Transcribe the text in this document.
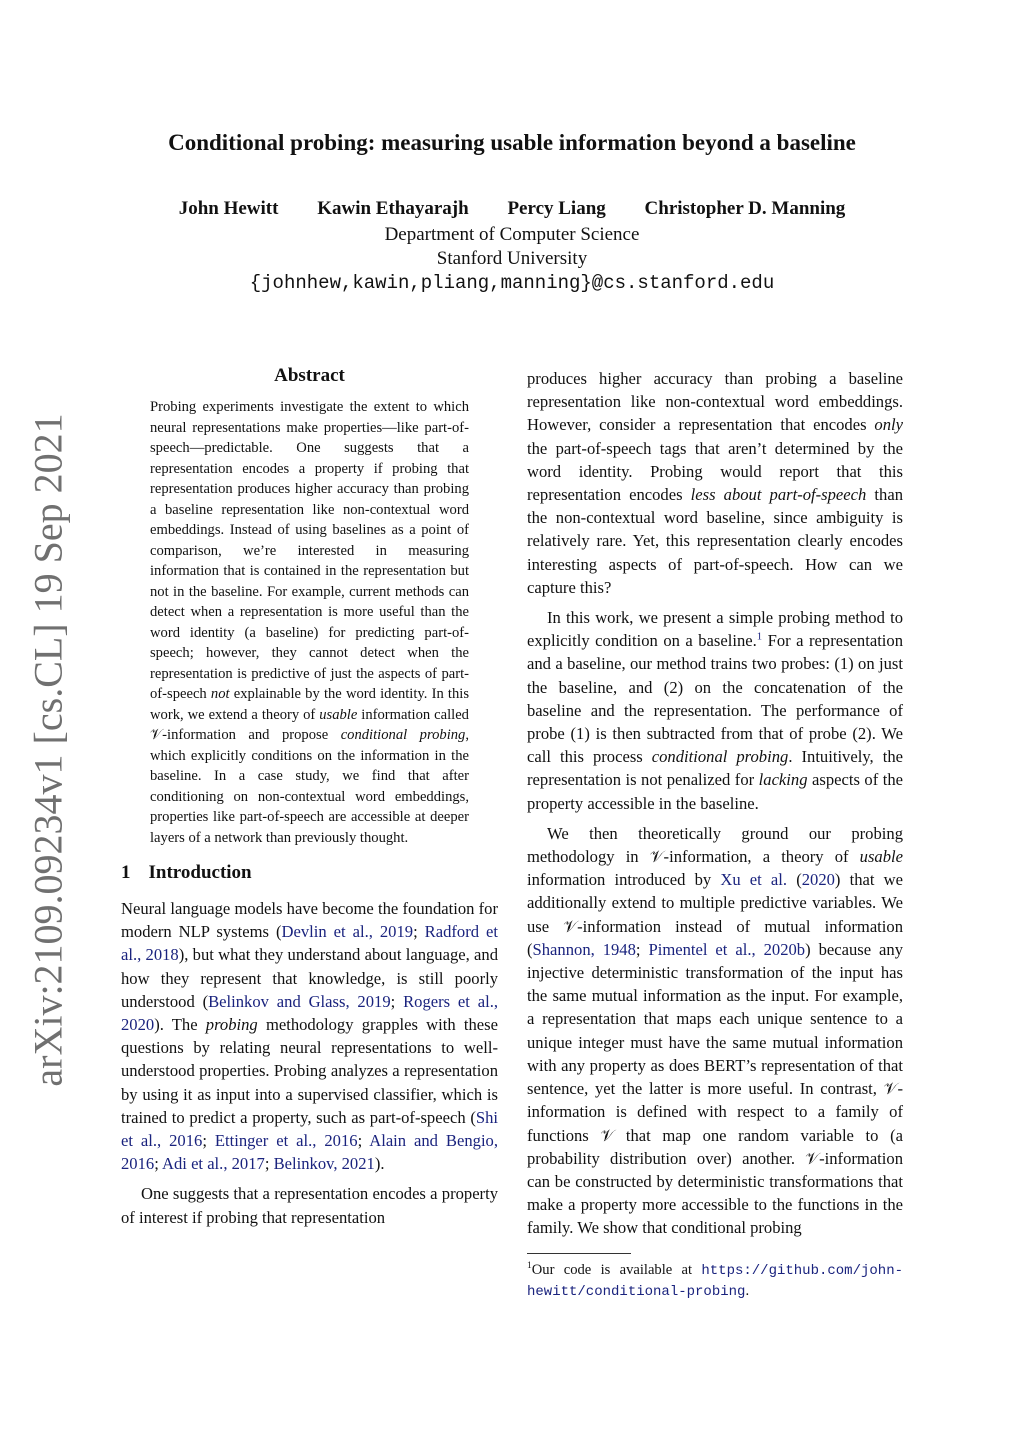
arXiv:2109.09234v1 [cs.CL] 19 Sep 2021
Conditional probing: measuring usable information beyond a baseline
John Hewitt Kawin Ethayarajh Percy Liang Christopher D. Manning
Department of Computer Science
Stanford University
{johnhew,kawin,pliang,manning}@cs.stanford.edu
Abstract
Probing experiments investigate the extent to which neural representations make properties—like part-of-speech—predictable. One suggests that a representation encodes a property if probing that representation produces higher accuracy than probing a baseline representation like non-contextual word embeddings. Instead of using baselines as a point of comparison, we’re interested in measuring information that is contained in the representation but not in the baseline. For example, current methods can detect when a representation is more useful than the word identity (a baseline) for predicting part-of-speech; however, they cannot detect when the representation is predictive of just the aspects of part-of-speech not explainable by the word identity. In this work, we extend a theory of usable information called 𝒱-information and propose conditional probing, which explicitly conditions on the information in the baseline. In a case study, we find that after conditioning on non-contextual word embeddings, properties like part-of-speech are accessible at deeper layers of a network than previously thought.
1 Introduction

Neural language models have become the foundation for modern NLP systems (Devlin et al., 2019; Radford et al., 2018), but what they understand about language, and how they represent that knowledge, is still poorly understood (Belinkov and Glass, 2019; Rogers et al., 2020). The probing methodology grapples with these questions by relating neural representations to well-understood properties. Probing analyzes a representation by using it as input into a supervised classifier, which is trained to predict a property, such as part-of-speech (Shi et al., 2016; Ettinger et al., 2016; Alain and Bengio, 2016; Adi et al., 2017; Belinkov, 2021).

One suggests that a representation encodes a property of interest if probing that representation

produces higher accuracy than probing a baseline representation like non-contextual word embeddings. However, consider a representation that encodes only the part-of-speech tags that aren’t determined by the word identity. Probing would report that this representation encodes less about part-of-speech than the non-contextual word baseline, since ambiguity is relatively rare. Yet, this representation clearly encodes interesting aspects of part-of-speech. How can we capture this?

In this work, we present a simple probing method to explicitly condition on a baseline.$^1$ For a representation and a baseline, our method trains two probes: (1) on just the baseline, and (2) on the concatenation of the baseline and the representation. The performance of probe (1) is then subtracted from that of probe (2). We call this process conditional probing. Intuitively, the representation is not penalized for lacking aspects of the property accessible in the baseline.

We then theoretically ground our probing methodology in 𝒱-information, a theory of usable information introduced by Xu et al. (2020) that we additionally extend to multiple predictive variables. We use 𝒱-information instead of mutual information (Shannon, 1948; Pimentel et al., 2020b) because any injective deterministic transformation of the input has the same mutual information as the input. For example, a representation that maps each unique sentence to a unique integer must have the same mutual information with any property as does BERT’s representation of that sentence, yet the latter is more useful. In contrast, 𝒱-information is defined with respect to a family of functions 𝒱 that map one random variable to (a probability distribution over) another. 𝒱-information can be constructed by deterministic transformations that make a property more accessible to the functions in the family. We show that conditional probing

$^1$Our code is available at https://github.com/john-hewitt/conditional-probing.
